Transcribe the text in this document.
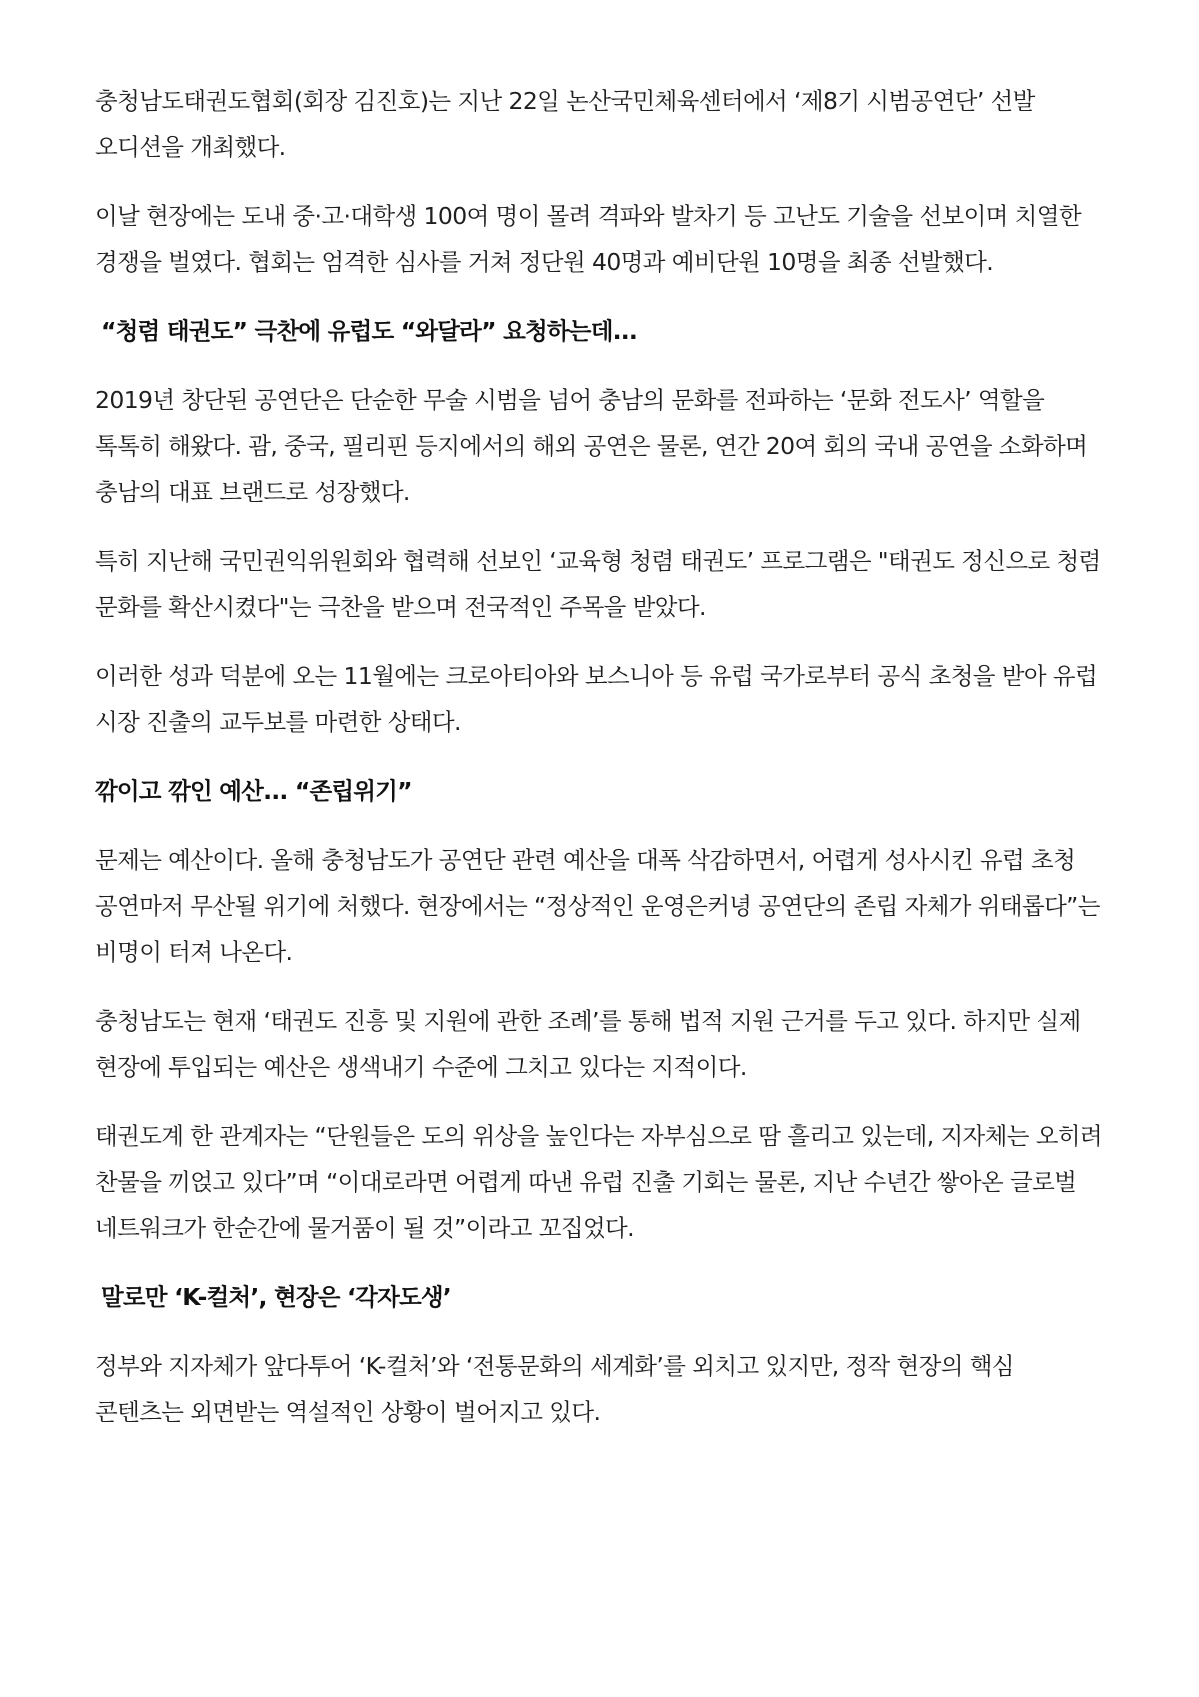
충청남도태권도협회(회장 김진호)는 지난 22일 논산국민체육센터에서 ‘제8기 시범공연단’ 선발 오디션을 개최했다.

이날 현장에는 도내 중·고·대학생 100여 명이 몰려 격파와 발차기 등 고난도 기술을 선보이며 치열한 경쟁을 벌였다. 협회는 엄격한 심사를 거쳐 정단원 40명과 예비단원 10명을 최종 선발했다.

“청렴 태권도” 극찬에 유럽도 “와달라” 요청하는데...

2019년 창단된 공연단은 단순한 무술 시범을 넘어 충남의 문화를 전파하는 ‘문화 전도사’ 역할을 톡톡히 해왔다. 괌, 중국, 필리핀 등지에서의 해외 공연은 물론, 연간 20여 회의 국내 공연을 소화하며 충남의 대표 브랜드로 성장했다.

특히 지난해 국민권익위원회와 협력해 선보인 ‘교육형 청렴 태권도’ 프로그램은 "태권도 정신으로 청렴 문화를 확산시켰다"는 극찬을 받으며 전국적인 주목을 받았다.

이러한 성과 덕분에 오는 11월에는 크로아티아와 보스니아 등 유럽 국가로부터 공식 초청을 받아 유럽 시장 진출의 교두보를 마련한 상태다.

깎이고 깎인 예산... “존립위기”

문제는 예산이다. 올해 충청남도가 공연단 관련 예산을 대폭 삭감하면서, 어렵게 성사시킨 유럽 초청 공연마저 무산될 위기에 처했다. 현장에서는 “정상적인 운영은커녕 공연단의 존립 자체가 위태롭다”는 비명이 터져 나온다.

충청남도는 현재 ‘태권도 진흥 및 지원에 관한 조례’를 통해 법적 지원 근거를 두고 있다. 하지만 실제 현장에 투입되는 예산은 생색내기 수준에 그치고 있다는 지적이다.

태권도계 한 관계자는 “단원들은 도의 위상을 높인다는 자부심으로 땀 흘리고 있는데, 지자체는 오히려 찬물을 끼얹고 있다”며 “이대로라면 어렵게 따낸 유럽 진출 기회는 물론, 지난 수년간 쌓아온 글로벌 네트워크가 한순간에 물거품이 될 것”이라고 꼬집었다.

말로만 ‘K-컬처’, 현장은 ‘각자도생’

정부와 지자체가 앞다투어 ‘K-컬처’와 ‘전통문화의 세계화’를 외치고 있지만, 정작 현장의 핵심 콘텐츠는 외면받는 역설적인 상황이 벌어지고 있다.
